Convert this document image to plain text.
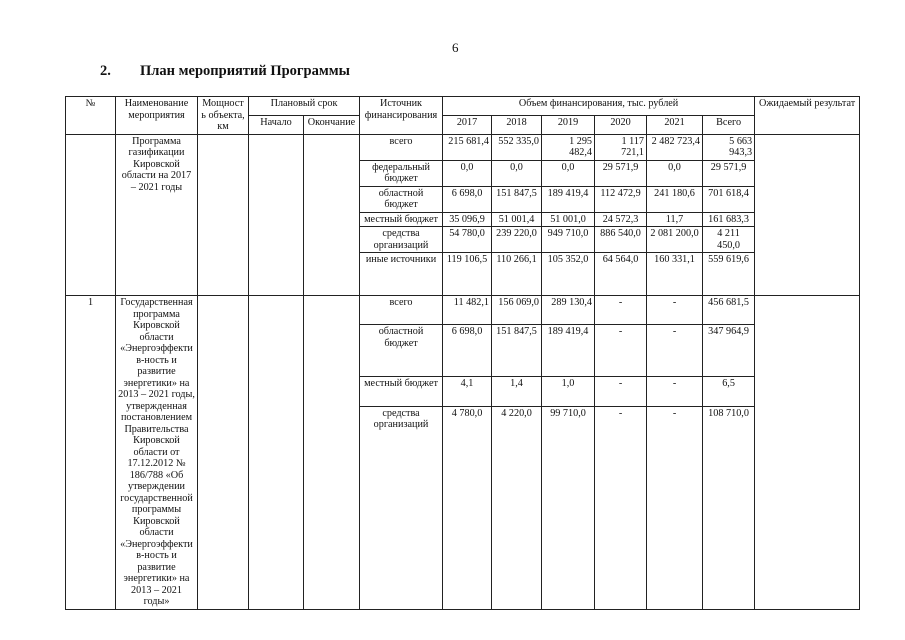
6
2. План мероприятий Программы
№	Наименование мероприятия	Мощность объекта, км	Плановый срок		Источник финансирования	Объем финансирования, тыс. рублей						Ожидаемый результат
			Начало	Окончание		2017	2018	2019	2020	2021	Всего	
	Программа газификации Кировской области на 2017 – 2021 годы				всего	215 681,4	552 335,0	1 295 482,4	1 117 721,1	2 482 723,4	5 663 943,3	
					федеральный бюджет	0,0	0,0	0,0	29 571,9	0,0	29 571,9	
					областной бюджет	6 698,0	151 847,5	189 419,4	112 472,9	241 180,6	701 618,4	
					местный бюджет	35 096,9	51 001,4	51 001,0	24 572,3	11,7	161 683,3	
					средства организаций	54 780,0	239 220,0	949 710,0	886 540,0	2 081 200,0	4 211 450,0	
					иные источники	119 106,5	110 266,1	105 352,0	64 564,0	160 331,1	559 619,6	
1	Государственная программа Кировской области «Энергоэффектив-ность и развитие энергетики» на 2013 – 2021 годы, утвержденная постановлением Правительства Кировской области от 17.12.2012 № 186/788 «Об утверждении государственной программы Кировской области «Энергоэффектив-ность и развитие энергетики» на 2013 – 2021 годы»				всего	11 482,1	156 069,0	289 130,4	-	-	456 681,5	
					областной бюджет	6 698,0	151 847,5	189 419,4	-	-	347 964,9	
					местный бюджет	4,1	1,4	1,0	-	-	6,5	
					средства организаций	4 780,0	4 220,0	99 710,0	-	-	108 710,0	
